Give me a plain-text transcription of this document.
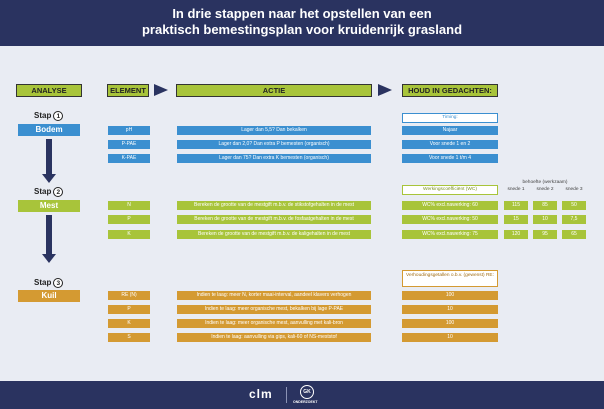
In drie stappen naar het opstellen van een
praktisch bemestingsplan voor kruidenrijk grasland
ANALYSE	ELEMENT	ACTIE	HOUD IN GEDACHTEN:
Stap 1
Bodem
Timing:
pH	Lager dan 5,5? Dan bekalken	Najaar
P-PAE	Lager dan 2,0? Dan extra P bemesten (organisch)	Voor snede 1 en 2
K-PAE	Lager dan 75? Dan extra K bemesten (organisch)	Voor snede 1 t/m 4
Stap 2
Mest
Werkingscoëfficiënt (WC)
behoefte (werkzaam)
snede 1	snede 2	snede 3
N	Bereken de grootte van de mestgift m.b.v. de stikstofgehalten in de mest	WC% excl.nawerking: 60	115	85	50
P	Bereken de grootte van de mestgift m.b.v. de fosfaatgehalten in de mest	WC% excl.nawerking: 50	15	10	7,5
K	Bereken de grootte van de mestgift m.b.v. de kaligehalten in de mest	WC% excl.nawerking: 75	120	95	65
Stap 3
Kuil
Verhoudingsgetallen o.b.v. (gewenst) RE:
RE (N)	Indien te laag: meer N, korter maai-interval, aandeel klavers verhogen	100
P	Indien te laag: meer organische mest, bekalken bij lage P-PAE	10
K	Indien te laag: meer organische mest, aanvulling met kali-bron	100
S	Indien te laag: aanvulling via gips, kali-60 of NS-meststof	10
clm	GK
ONDERZOEKT
